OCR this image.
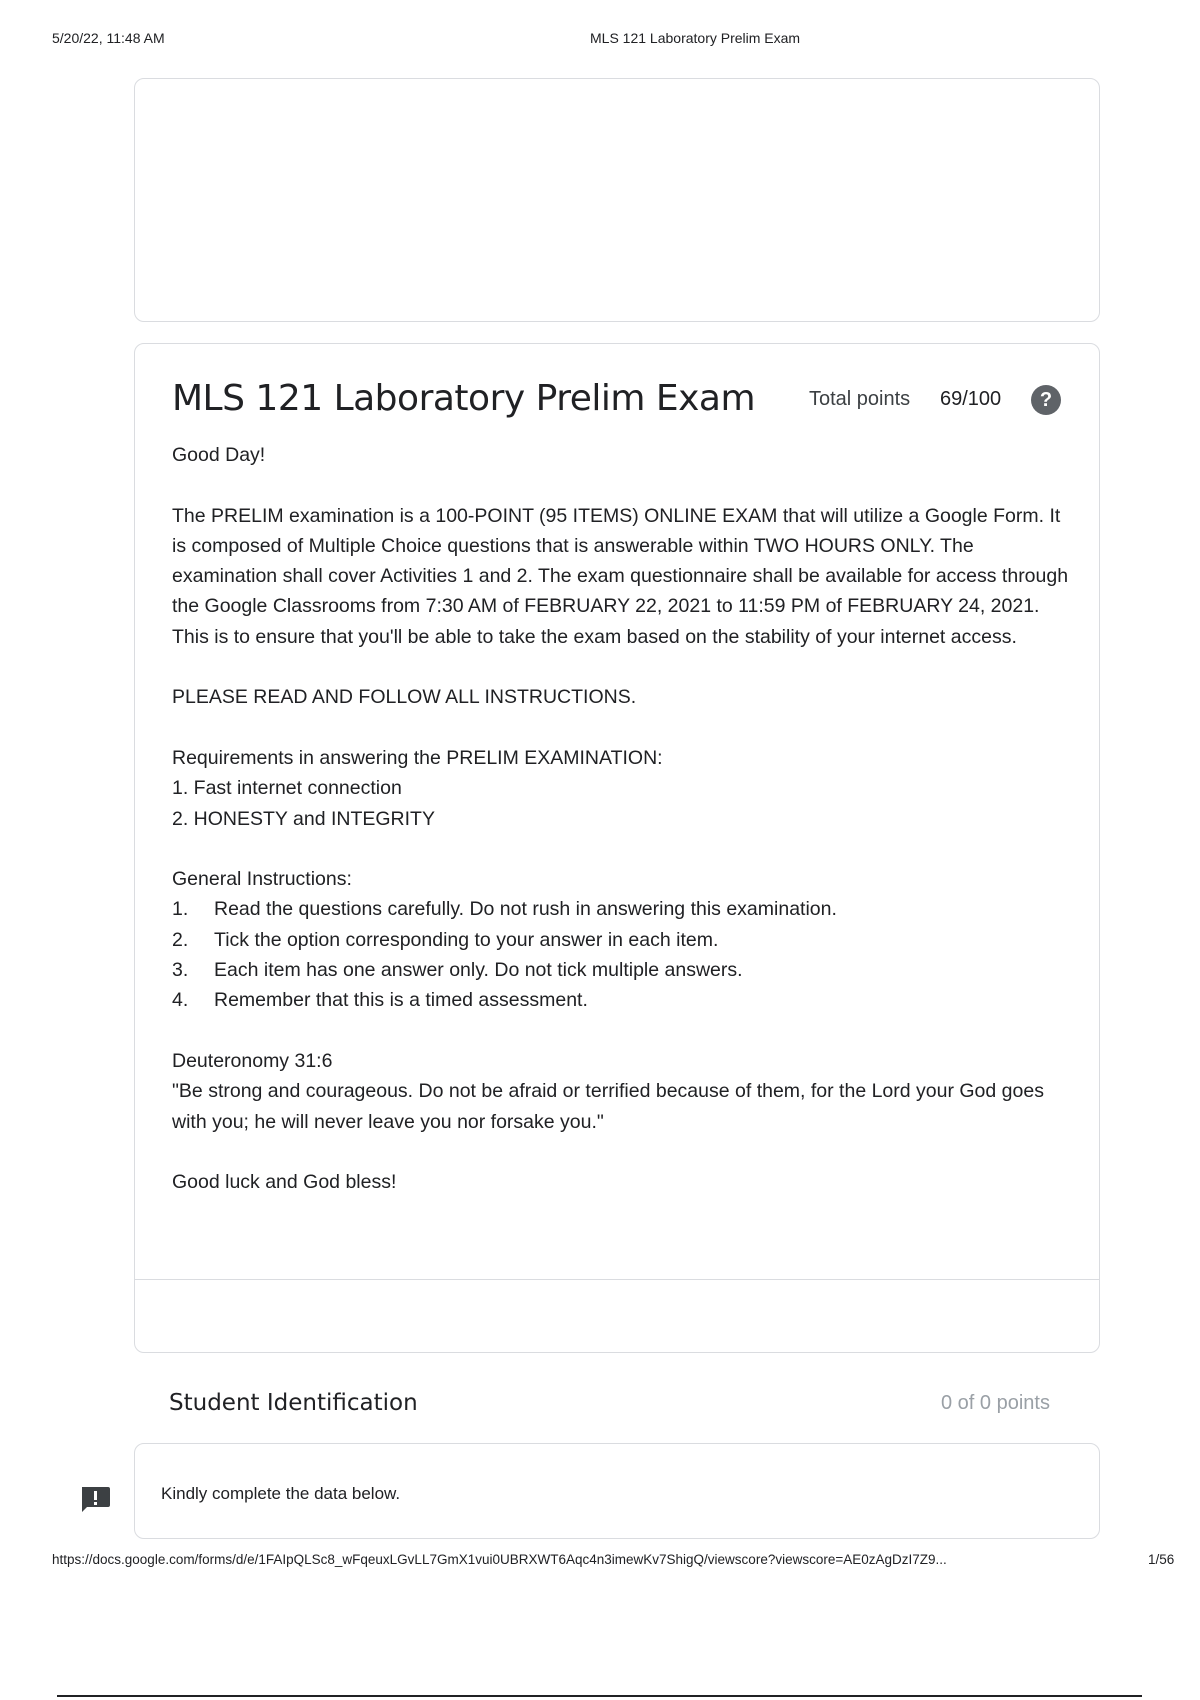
5/20/22, 11:48 AM	MLS 121 Laboratory Prelim Exam
MLS 121 Laboratory Prelim Exam	Total points 69/100	?

Good Day!

The PRELIM examination is a 100-POINT (95 ITEMS) ONLINE EXAM that will utilize a Google Form. It is composed of Multiple Choice questions that is answerable within TWO HOURS ONLY. The examination shall cover Activities 1 and 2. The exam questionnaire shall be available for access through the Google Classrooms from 7:30 AM of FEBRUARY 22, 2021 to 11:59 PM of FEBRUARY 24, 2021. This is to ensure that you'll be able to take the exam based on the stability of your internet access.

PLEASE READ AND FOLLOW ALL INSTRUCTIONS.

Requirements in answering the PRELIM EXAMINATION:

1. Fast internet connection

2. HONESTY and INTEGRITY

General Instructions:

1.	Read the questions carefully. Do not rush in answering this examination.
2.	Tick the option corresponding to your answer in each item.
3.	Each item has one answer only. Do not tick multiple answers.
4.	Remember that this is a timed assessment.

Deuteronomy 31:6

"Be strong and courageous. Do not be afraid or terrified because of them, for the Lord your God goes with you; he will never leave you nor forsake you."

Good luck and God bless!

Student Identification	0 of 0 points
Kindly complete the data below.
https://docs.google.com/forms/d/e/1FAIpQLSc8_wFqeuxLGvLL7GmX1vui0UBRXWT6Aqc4n3imewKv7ShigQ/viewscore?viewscore=AE0zAgDzI7Z9...	1/56
